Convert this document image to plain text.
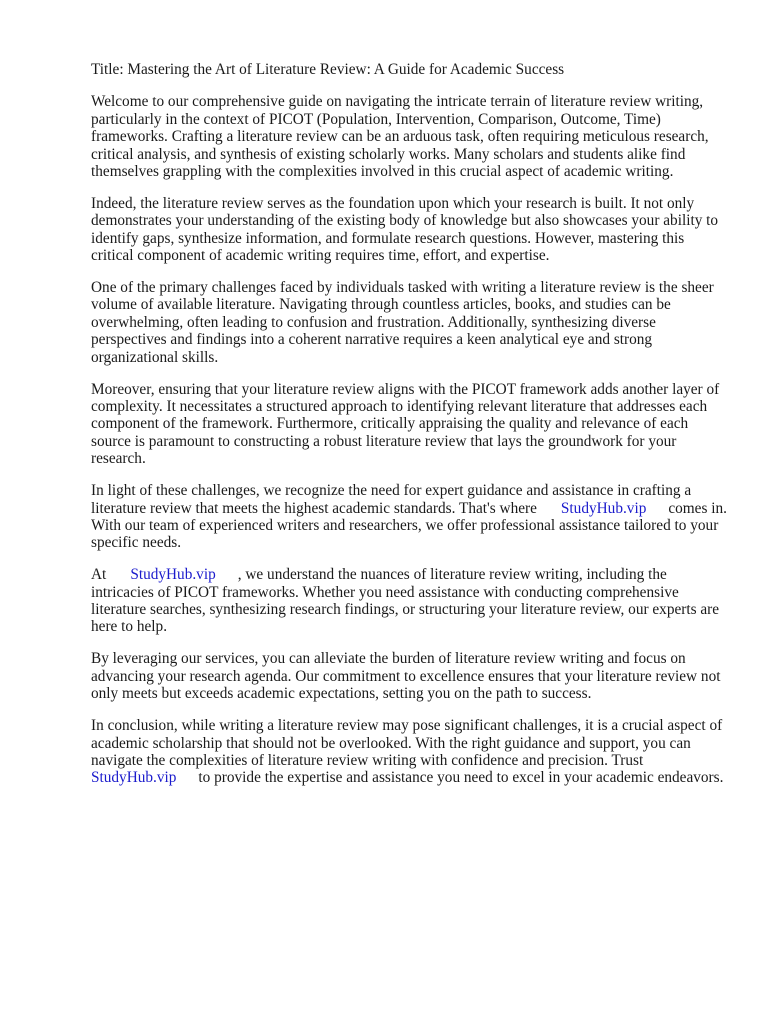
Title: Mastering the Art of Literature Review: A Guide for Academic Success

Welcome to our comprehensive guide on navigating the intricate terrain of literature review writing, particularly in the context of PICOT (Population, Intervention, Comparison, Outcome, Time) frameworks. Crafting a literature review can be an arduous task, often requiring meticulous research, critical analysis, and synthesis of existing scholarly works. Many scholars and students alike find themselves grappling with the complexities involved in this crucial aspect of academic writing.

Indeed, the literature review serves as the foundation upon which your research is built. It not only demonstrates your understanding of the existing body of knowledge but also showcases your ability to identify gaps, synthesize information, and formulate research questions. However, mastering this critical component of academic writing requires time, effort, and expertise.

One of the primary challenges faced by individuals tasked with writing a literature review is the sheer volume of available literature. Navigating through countless articles, books, and studies can be overwhelming, often leading to confusion and frustration. Additionally, synthesizing diverse perspectives and findings into a coherent narrative requires a keen analytical eye and strong organizational skills.

Moreover, ensuring that your literature review aligns with the PICOT framework adds another layer of complexity. It necessitates a structured approach to identifying relevant literature that addresses each component of the framework. Furthermore, critically appraising the quality and relevance of each source is paramount to constructing a robust literature review that lays the groundwork for your research.

In light of these challenges, we recognize the need for expert guidance and assistance in crafting a literature review that meets the highest academic standards. That's where StudyHub.vip comes in. With our team of experienced writers and researchers, we offer professional assistance tailored to your specific needs.

At StudyHub.vip , we understand the nuances of literature review writing, including the intricacies of PICOT frameworks. Whether you need assistance with conducting comprehensive literature searches, synthesizing research findings, or structuring your literature review, our experts are here to help.

By leveraging our services, you can alleviate the burden of literature review writing and focus on advancing your research agenda. Our commitment to excellence ensures that your literature review not only meets but exceeds academic expectations, setting you on the path to success.

In conclusion, while writing a literature review may pose significant challenges, it is a crucial aspect of academic scholarship that should not be overlooked. With the right guidance and support, you can navigate the complexities of literature review writing with confidence and precision. Trust StudyHub.vip to provide the expertise and assistance you need to excel in your academic endeavors.
